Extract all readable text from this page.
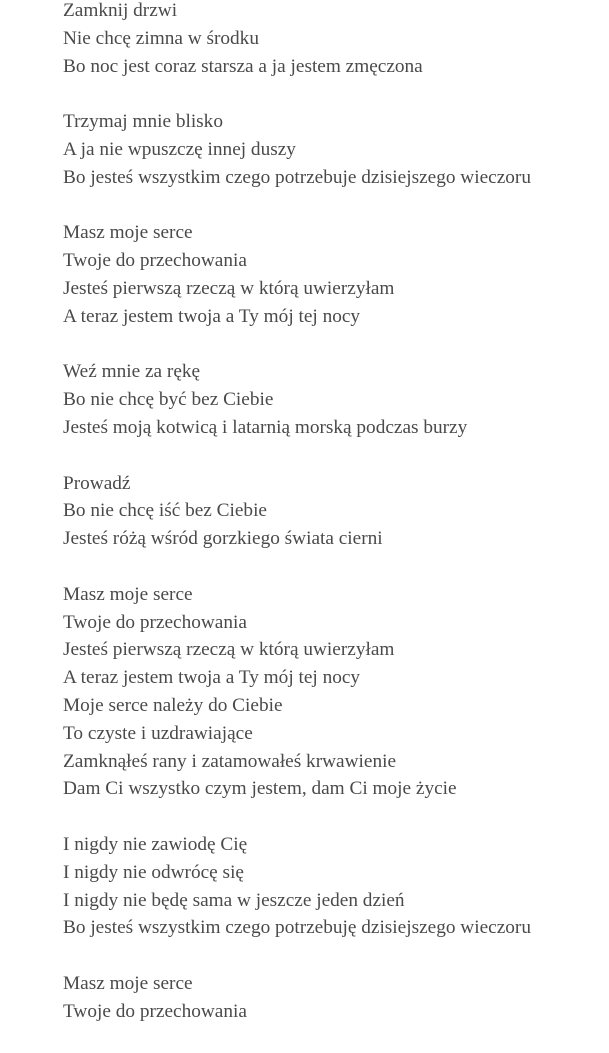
Zamknij drzwi
Nie chcę zimna w środku
Bo noc jest coraz starsza a ja jestem zmęczona
Trzymaj mnie blisko
A ja nie wpuszczę innej duszy
Bo jesteś wszystkim czego potrzebuje dzisiejszego wieczoru
Masz moje serce
Twoje do przechowania
Jesteś pierwszą rzeczą w którą uwierzyłam
A teraz jestem twoja a Ty mój tej nocy
Weź mnie za rękę
Bo nie chcę być bez Ciebie
Jesteś moją kotwicą i latarnią morską podczas burzy
Prowadź
Bo nie chcę iść bez Ciebie
Jesteś różą wśród gorzkiego świata cierni
Masz moje serce
Twoje do przechowania
Jesteś pierwszą rzeczą w którą uwierzyłam
A teraz jestem twoja a Ty mój tej nocy
Moje serce należy do Ciebie
To czyste i uzdrawiające
Zamknąłeś rany i zatamowałeś krwawienie
Dam Ci wszystko czym jestem, dam Ci moje życie
I nigdy nie zawiodę Cię
I nigdy nie odwrócę się
I nigdy nie będę sama w jeszcze jeden dzień
Bo jesteś wszystkim czego potrzebuję dzisiejszego wieczoru
Masz moje serce
Twoje do przechowania
